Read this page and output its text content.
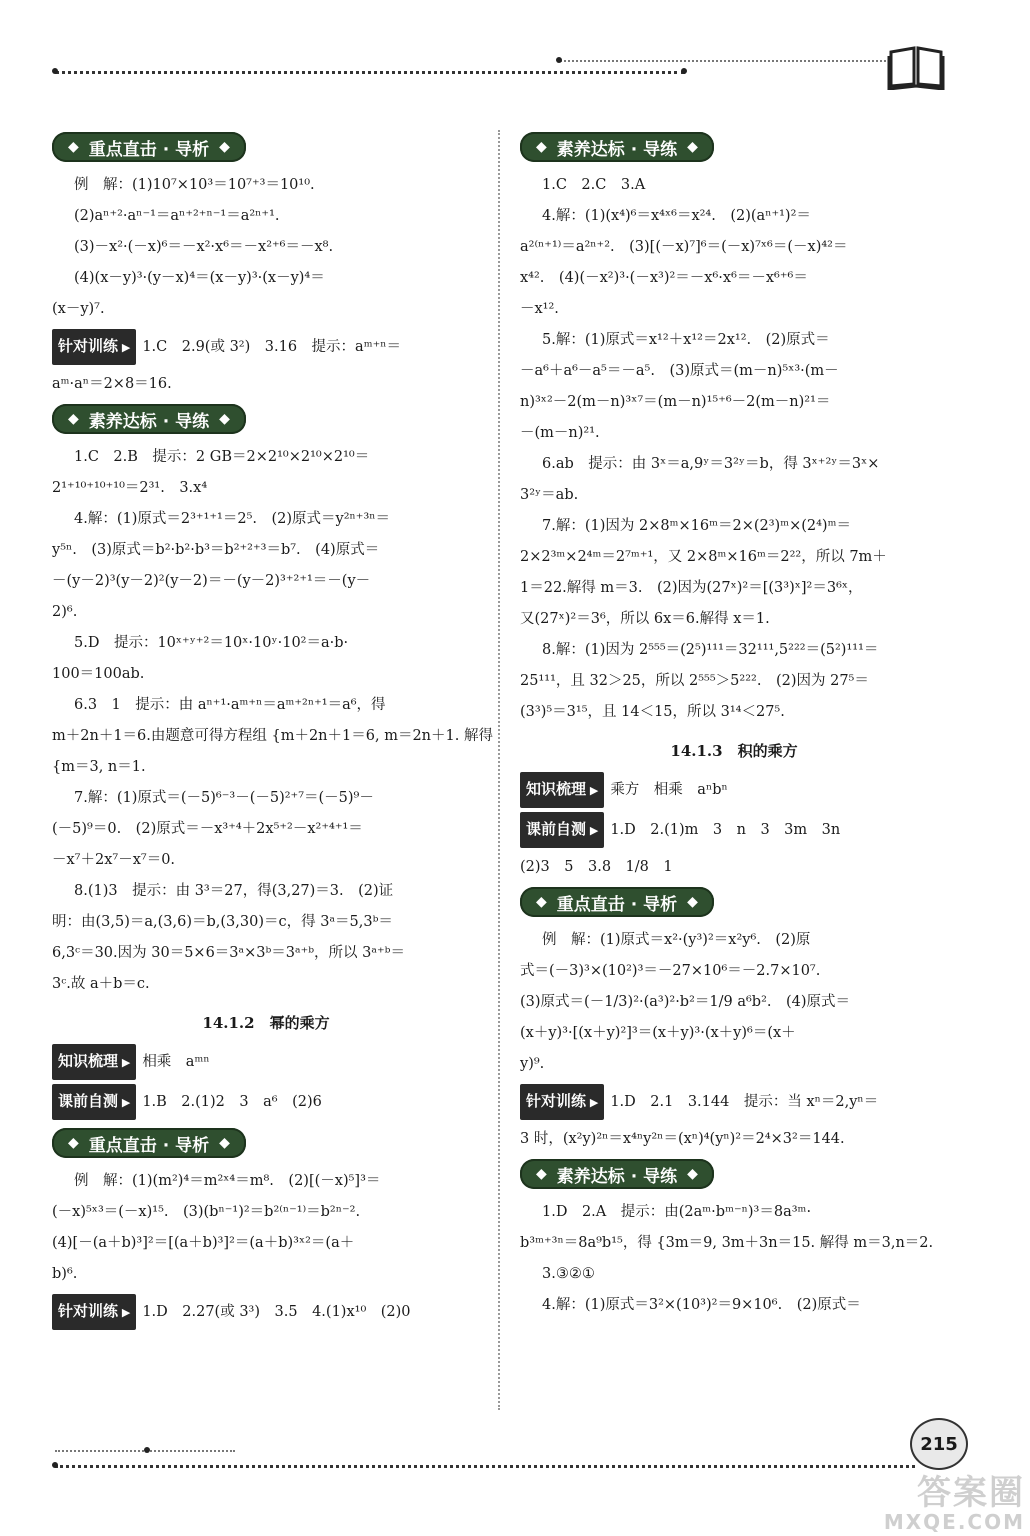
◆ 重点直击 · 导析 ◆

例　解：(1)10⁷×10³＝10⁷⁺³＝10¹⁰.

(2)aⁿ⁺²·aⁿ⁻¹＝aⁿ⁺²⁺ⁿ⁻¹＝a²ⁿ⁺¹.

(3)－x²·(－x)⁶＝－x²·x⁶＝－x²⁺⁶＝－x⁸.

(4)(x－y)³·(y－x)⁴＝(x－y)³·(x－y)⁴＝

(x－y)⁷.

针对训练 ▶ 1.C　2.9(或 3²)　3.16　提示：aᵐ⁺ⁿ＝

aᵐ·aⁿ＝2×8＝16.

◆ 素养达标 · 导练 ◆

1.C　2.B　提示：2 GB＝2×2¹⁰×2¹⁰×2¹⁰＝

2¹⁺¹⁰⁺¹⁰⁺¹⁰＝2³¹.　3.x⁴

4.解：(1)原式＝2³⁺¹⁺¹＝2⁵.　(2)原式＝y²ⁿ⁺³ⁿ＝

y⁵ⁿ.　(3)原式＝b²·b²·b³＝b²⁺²⁺³＝b⁷.　(4)原式＝

－(y－2)³(y－2)²(y－2)＝－(y－2)³⁺²⁺¹＝－(y－

2)⁶.

5.D　提示：10ˣ⁺ʸ⁺²＝10ˣ·10ʸ·10²＝a·b·

100＝100ab.

6.3　1　提示：由 aⁿ⁺¹·aᵐ⁺ⁿ＝aᵐ⁺²ⁿ⁺¹＝a⁶，得

m＋2n＋1＝6.由题意可得方程组 {m＋2n＋1＝6, m＝2n＋1. 解得

{m＝3, n＝1.

7.解：(1)原式＝(－5)⁶⁻³－(－5)²⁺⁷＝(－5)⁹－

(－5)⁹＝0.　(2)原式＝－x³⁺⁴＋2x⁵⁺²－x²⁺⁴⁺¹＝

－x⁷＋2x⁷－x⁷＝0.

8.(1)3　提示：由 3³＝27，得(3,27)＝3.　(2)证

明：由(3,5)＝a,(3,6)＝b,(3,30)＝c，得 3ᵃ＝5,3ᵇ＝

6,3ᶜ＝30.因为 30＝5×6＝3ᵃ×3ᵇ＝3ᵃ⁺ᵇ，所以 3ᵃ⁺ᵇ＝

3ᶜ.故 a＋b＝c.

14.1.2　幂的乘方

知识梳理 ▶ 相乘　aᵐⁿ

课前自测 ▶ 1.B　2.(1)2　3　a⁶　(2)6

◆ 重点直击 · 导析 ◆

例　解：(1)(m²)⁴＝m²ˣ⁴＝m⁸.　(2)[(－x)⁵]³＝

(－x)⁵ˣ³＝(－x)¹⁵.　(3)(bⁿ⁻¹)²＝b²⁽ⁿ⁻¹⁾＝b²ⁿ⁻².

(4)[－(a＋b)³]²＝[(a＋b)³]²＝(a＋b)³ˣ²＝(a＋

b)⁶.

针对训练 ▶ 1.D　2.27(或 3³)　3.5　4.(1)x¹⁰　(2)0

◆ 素养达标 · 导练 ◆

1.C　2.C　3.A

4.解：(1)(x⁴)⁶＝x⁴ˣ⁶＝x²⁴.　(2)(aⁿ⁺¹)²＝

a²⁽ⁿ⁺¹⁾＝a²ⁿ⁺².　(3)[(－x)⁷]⁶＝(－x)⁷ˣ⁶＝(－x)⁴²＝

x⁴².　(4)(－x²)³·(－x³)²＝－x⁶·x⁶＝－x⁶⁺⁶＝

－x¹².

5.解：(1)原式＝x¹²＋x¹²＝2x¹².　(2)原式＝

－a⁶＋a⁶－a⁵＝－a⁵.　(3)原式＝(m－n)⁵ˣ³·(m－

n)³ˣ²－2(m－n)³ˣ⁷＝(m－n)¹⁵⁺⁶－2(m－n)²¹＝

－(m－n)²¹.

6.ab　提示：由 3ˣ＝a,9ʸ＝3²ʸ＝b，得 3ˣ⁺²ʸ＝3ˣ×

3²ʸ＝ab.

7.解：(1)因为 2×8ᵐ×16ᵐ＝2×(2³)ᵐ×(2⁴)ᵐ＝

2×2³ᵐ×2⁴ᵐ＝2⁷ᵐ⁺¹，又 2×8ᵐ×16ᵐ＝2²²，所以 7m＋

1＝22.解得 m＝3.　(2)因为(27ˣ)²＝[(3³)ˣ]²＝3⁶ˣ，

又(27ˣ)²＝3⁶，所以 6x＝6.解得 x＝1.

8.解：(1)因为 2⁵⁵⁵＝(2⁵)¹¹¹＝32¹¹¹,5²²²＝(5²)¹¹¹＝

25¹¹¹，且 32＞25，所以 2⁵⁵⁵＞5²²².　(2)因为 27⁵＝

(3³)⁵＝3¹⁵，且 14＜15，所以 3¹⁴＜27⁵.

14.1.3　积的乘方

知识梳理 ▶ 乘方　相乘　aⁿbⁿ

课前自测 ▶ 1.D　2.(1)m　3　n　3　3m　3n

(2)3　5　3.8　1/8　1

◆ 重点直击 · 导析 ◆

例　解：(1)原式＝x²·(y³)²＝x²y⁶.　(2)原

式＝(－3)³×(10²)³＝－27×10⁶＝－2.7×10⁷.

(3)原式＝(－1/3)²·(a³)²·b²＝1/9 a⁶b².　(4)原式＝

(x＋y)³·[(x＋y)²]³＝(x＋y)³·(x＋y)⁶＝(x＋

y)⁹.

针对训练 ▶ 1.D　2.1　3.144　提示：当 xⁿ＝2,yⁿ＝

3 时，(x²y)²ⁿ＝x⁴ⁿy²ⁿ＝(xⁿ)⁴(yⁿ)²＝2⁴×3²＝144.

◆ 素养达标 · 导练 ◆

1.D　2.A　提示：由(2aᵐ·bᵐ⁻ⁿ)³＝8a³ᵐ·

b³ᵐ⁺³ⁿ＝8a⁹b¹⁵，得 {3m＝9, 3m＋3n＝15. 解得 m＝3,n＝2.

3.③②①

4.解：(1)原式＝3²×(10³)²＝9×10⁶.　(2)原式＝

215
答案圈
MXQE.COM
